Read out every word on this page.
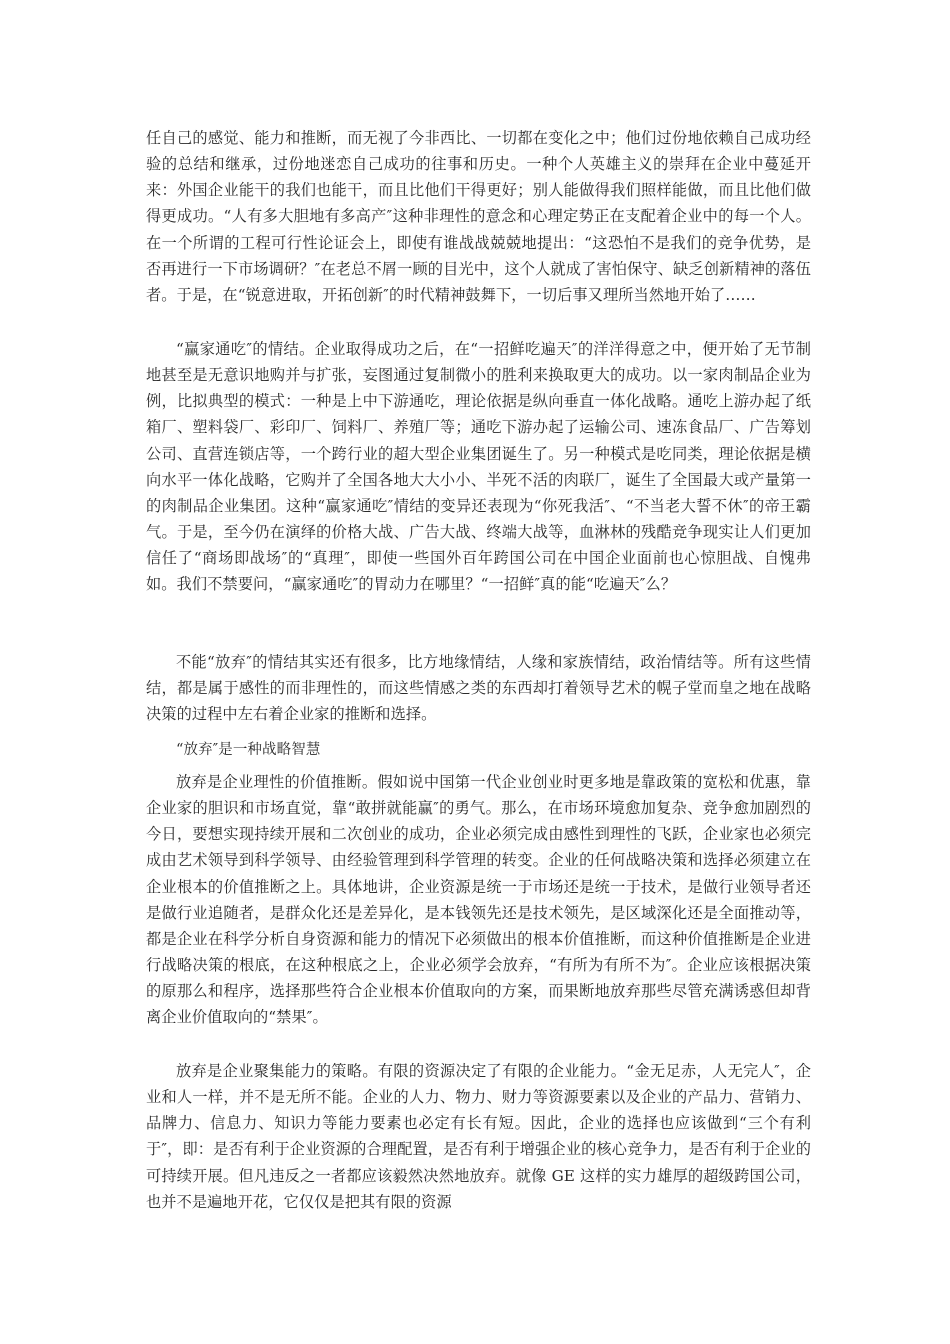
任自己的感觉、能力和推断，而无视了今非西比、一切都在变化之中；他们过份地依赖自己成功经验的总结和继承，过份地迷恋自己成功的往事和历史。一种个人英雄主义的崇拜在企业中蔓延开来：外国企业能干的我们也能干，而且比他们干得更好；别人能做得我们照样能做，而且比他们做得更成功。“人有多大胆地有多高产″这种非理性的意念和心理定势正在支配着企业中的每一个人。在一个所谓的工程可行性论证会上，即使有谁战战兢兢地提出：“这恐怕不是我们的竞争优势，是否再进行一下市场调研？″在老总不屑一顾的目光中，这个人就成了害怕保守、缺乏创新精神的落伍者。于是，在“锐意进取，开拓创新″的时代精神鼓舞下，一切后事又理所当然地开始了……

“赢家通吃″的情结。企业取得成功之后，在“一招鲜吃遍天″的洋洋得意之中，便开始了无节制地甚至是无意识地购并与扩张，妄图通过复制微小的胜利来换取更大的成功。以一家肉制品企业为例，比拟典型的模式：一种是上中下游通吃，理论依据是纵向垂直一体化战略。通吃上游办起了纸箱厂、塑料袋厂、彩印厂、饲料厂、养殖厂等；通吃下游办起了运输公司、速冻食品厂、广告筹划公司、直营连锁店等，一个跨行业的超大型企业集团诞生了。另一种模式是吃同类，理论依据是横向水平一体化战略，它购并了全国各地大大小小、半死不活的肉联厂，诞生了全国最大或产量第一的肉制品企业集团。这种“赢家通吃″情结的变异还表现为“你死我活″、“不当老大誓不休″的帝王霸气。于是，至今仍在演绎的价格大战、广告大战、终端大战等，血淋林的残酷竞争现实让人们更加信任了“商场即战场″的“真理″，即使一些国外百年跨国公司在中国企业面前也心惊胆战、自愧弗如。我们不禁要问，“赢家通吃″的胃动力在哪里？“一招鲜″真的能“吃遍天″么？

不能“放弃″的情结其实还有很多，比方地缘情结，人缘和家族情结，政治情结等。所有这些情结，都是属于感性的而非理性的，而这些情感之类的东西却打着领导艺术的幌子堂而皇之地在战略决策的过程中左右着企业家的推断和选择。

“放弃″是一种战略智慧

放弃是企业理性的价值推断。假如说中国第一代企业创业时更多地是靠政策的宽松和优惠，靠企业家的胆识和市场直觉，靠“敢拼就能赢″的勇气。那么，在市场环境愈加复杂、竞争愈加剧烈的今日，要想实现持续开展和二次创业的成功，企业必须完成由感性到理性的飞跃，企业家也必须完成由艺术领导到科学领导、由经验管理到科学管理的转变。企业的任何战略决策和选择必须建立在企业根本的价值推断之上。具体地讲，企业资源是统一于市场还是统一于技术，是做行业领导者还是做行业追随者，是群众化还是差异化，是本钱领先还是技术领先，是区域深化还是全面推动等，都是企业在科学分析自身资源和能力的情况下必须做出的根本价值推断，而这种价值推断是企业进行战略决策的根底，在这种根底之上，企业必须学会放弃，“有所为有所不为″。企业应该根据决策的原那么和程序，选择那些符合企业根本价值取向的方案，而果断地放弃那些尽管充满诱惑但却背离企业价值取向的“禁果″。

放弃是企业聚集能力的策略。有限的资源决定了有限的企业能力。“金无足赤，人无完人″，企业和人一样，并不是无所不能。企业的人力、物力、财力等资源要素以及企业的产品力、营销力、品牌力、信息力、知识力等能力要素也必定有长有短。因此，企业的选择也应该做到“三个有利于″，即：是否有利于企业资源的合理配置，是否有利于增强企业的核心竞争力，是否有利于企业的可持续开展。但凡违反之一者都应该毅然决然地放弃。就像 GE 这样的实力雄厚的超级跨国公司，也并不是遍地开花，它仅仅是把其有限的资源
